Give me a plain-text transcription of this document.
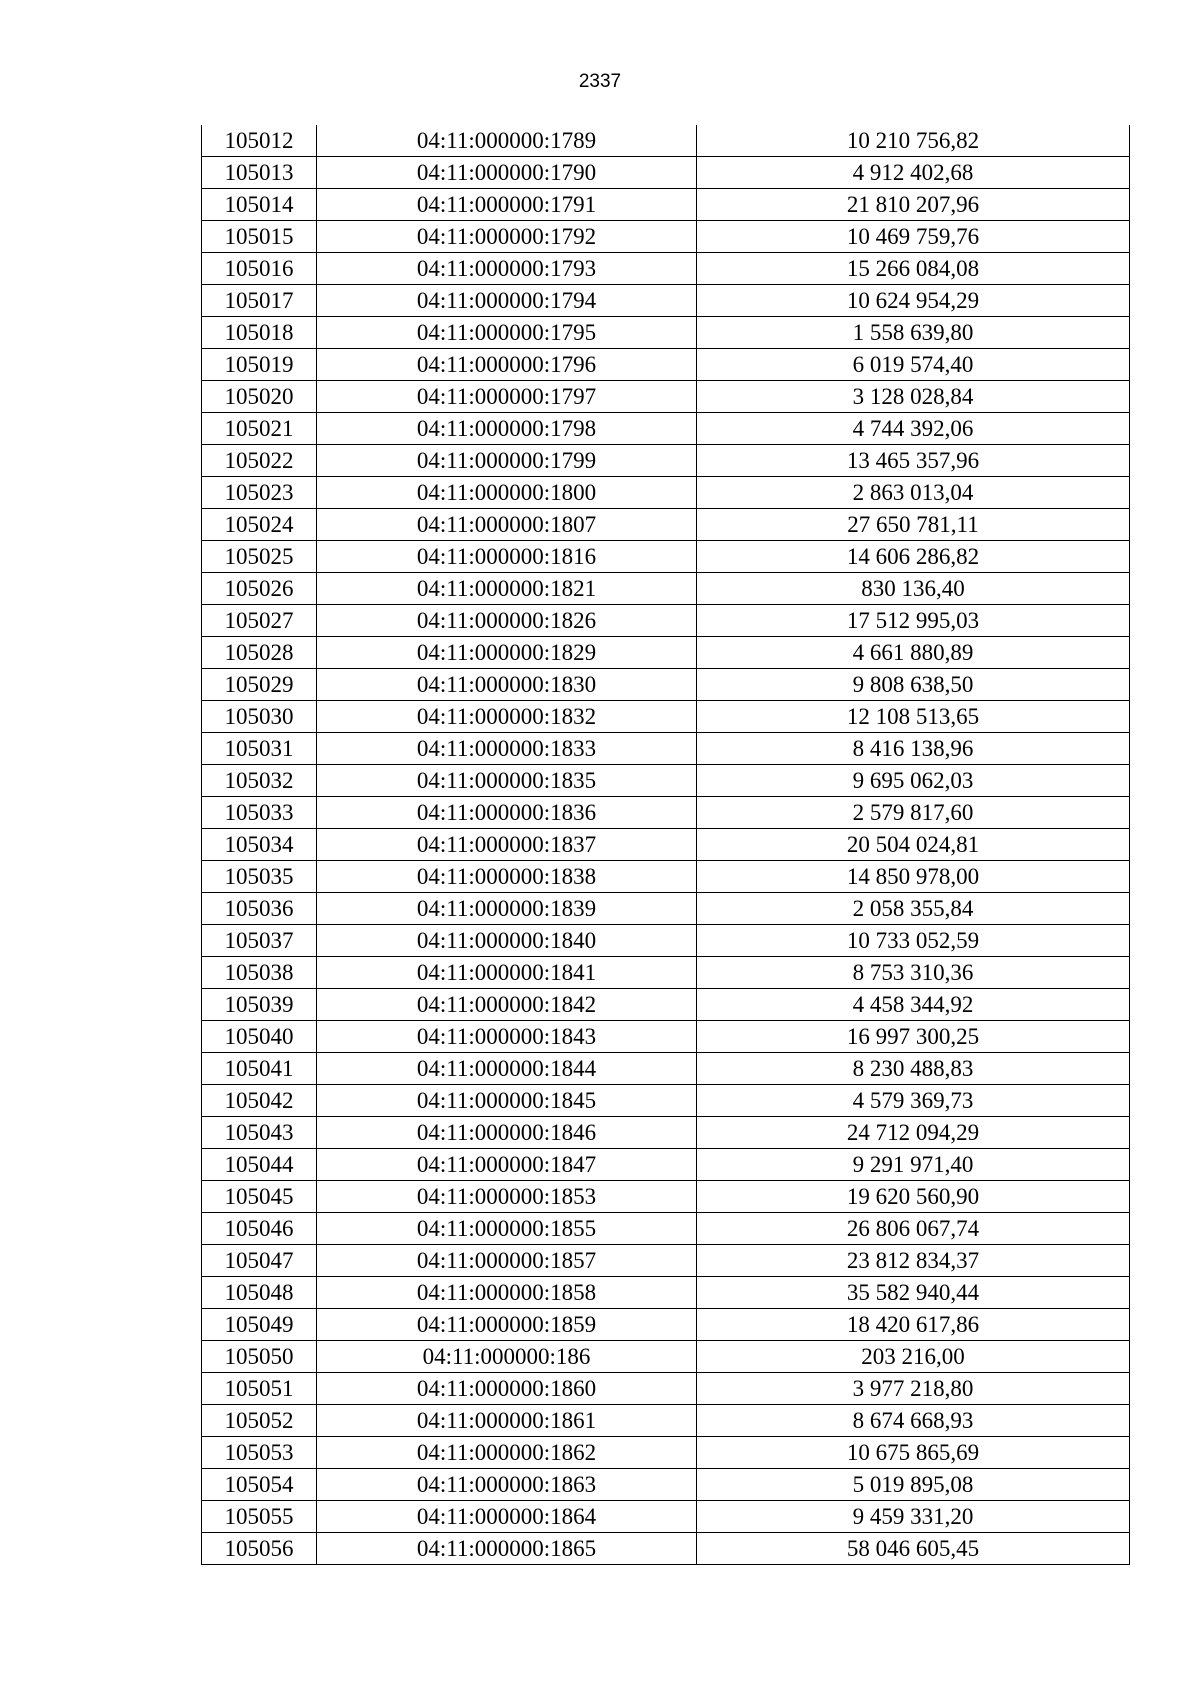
2337
105012	04:11:000000:1789	10 210 756,82
105013	04:11:000000:1790	4 912 402,68
105014	04:11:000000:1791	21 810 207,96
105015	04:11:000000:1792	10 469 759,76
105016	04:11:000000:1793	15 266 084,08
105017	04:11:000000:1794	10 624 954,29
105018	04:11:000000:1795	1 558 639,80
105019	04:11:000000:1796	6 019 574,40
105020	04:11:000000:1797	3 128 028,84
105021	04:11:000000:1798	4 744 392,06
105022	04:11:000000:1799	13 465 357,96
105023	04:11:000000:1800	2 863 013,04
105024	04:11:000000:1807	27 650 781,11
105025	04:11:000000:1816	14 606 286,82
105026	04:11:000000:1821	830 136,40
105027	04:11:000000:1826	17 512 995,03
105028	04:11:000000:1829	4 661 880,89
105029	04:11:000000:1830	9 808 638,50
105030	04:11:000000:1832	12 108 513,65
105031	04:11:000000:1833	8 416 138,96
105032	04:11:000000:1835	9 695 062,03
105033	04:11:000000:1836	2 579 817,60
105034	04:11:000000:1837	20 504 024,81
105035	04:11:000000:1838	14 850 978,00
105036	04:11:000000:1839	2 058 355,84
105037	04:11:000000:1840	10 733 052,59
105038	04:11:000000:1841	8 753 310,36
105039	04:11:000000:1842	4 458 344,92
105040	04:11:000000:1843	16 997 300,25
105041	04:11:000000:1844	8 230 488,83
105042	04:11:000000:1845	4 579 369,73
105043	04:11:000000:1846	24 712 094,29
105044	04:11:000000:1847	9 291 971,40
105045	04:11:000000:1853	19 620 560,90
105046	04:11:000000:1855	26 806 067,74
105047	04:11:000000:1857	23 812 834,37
105048	04:11:000000:1858	35 582 940,44
105049	04:11:000000:1859	18 420 617,86
105050	04:11:000000:186	203 216,00
105051	04:11:000000:1860	3 977 218,80
105052	04:11:000000:1861	8 674 668,93
105053	04:11:000000:1862	10 675 865,69
105054	04:11:000000:1863	5 019 895,08
105055	04:11:000000:1864	9 459 331,20
105056	04:11:000000:1865	58 046 605,45
